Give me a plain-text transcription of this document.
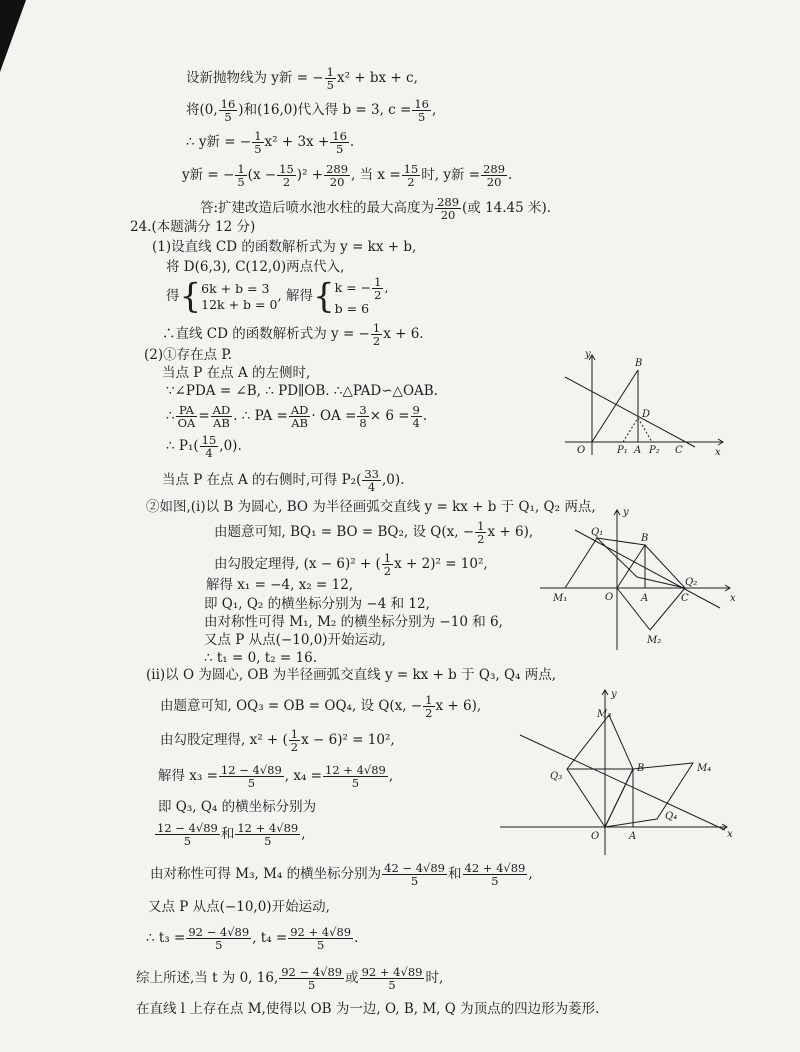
设新抛物线为 y新 = − $\frac{1}{5} x^2$ + bx + c,
将(0, $\frac{16}{5}$ )和(16,0)代入得 b = 3, $c = \frac{16}{5}$ ,
∴ y新 = − $\frac{1}{5} x^2 + 3x + \frac{16}{5}$ .
y新 = − $\frac{1}{5} (x - \frac{15}{2} )^2 + \frac{289}{20}$ , 当 $x = \frac{15}{2}$ 时, y新 = $\frac{289}{20}$ .
答:扩建改造后喷水池水柱的最大高度为 $\frac{289}{20}$ (或 14.45 米).
24.(本题满分 12 分)
(1)设直线 CD 的函数解析式为 y = kx + b,
将 D(6,3), C(12,0)两点代入,
得{6k + b = 3
12k + b = 0, 解得{k = − $\frac{1}{2}$ ,
b = 6
∴直线 CD 的函数解析式为 y = − $\frac{1}{2}$ x + 6.
(2)①存在点 P.
当点 P 在点 A 的左侧时,
∵∠PDA = ∠B, ∴ PD∥OB. ∴△PAD∽△OAB.
∴ $\frac{PA}{OA} = \frac{AD}{AB}$ . ∴ PA = $\frac{AD}{AB}$ · OA = $\frac{3}{8} \times 6 = \frac{9}{4}$ .
∴ $P_1( \frac{15}{4} ,0)$.
当点 P 在点 A 的右侧时,可得 $P_2( \frac{33}{4} ,0)$.
②如图,(i)以 B 为圆心, BO 为半径画弧交直线 y = kx + b 于 Q₁, Q₂ 两点,
由题意可知, BQ₁ = BO = BQ₂, 设 Q(x, − $\frac{1}{2}$ x + 6),
由勾股定理得, (x − 6)² + ( $\frac{1}{2}$ x + 2)² = 10²,
解得 x₁ = −4, x₂ = 12,
即 Q₁, Q₂ 的横坐标分别为 −4 和 12,
由对称性可得 M₁, M₂ 的横坐标分别为 −10 和 6,
又点 P 从点(−10,0)开始运动,
∴ t₁ = 0, t₂ = 16.
(ii)以 O 为圆心, OB 为半径画弧交直线 y = kx + b 于 Q₃, Q₄ 两点,
由题意可知, OQ₃ = OB = OQ₄, 设 Q(x, − $\frac{1}{2}$ x + 6),
由勾股定理得, x² + ( $\frac{1}{2}$ x − 6)² = 10²,
解得 $x_3 = \frac{12 - 4√89}{5}$ , $x_4 = \frac{12 + 4√89}{5}$ ,
即 Q₃, Q₄ 的横坐标分别为
$\frac{12 - 4√89}{5}$ 和 $\frac{12 + 4√89}{5}$ ,
由对称性可得 M₃, M₄ 的横坐标分别为 $\frac{42 - 4√89}{5}$ 和 $\frac{42 + 4√89}{5}$ ,
又点 P 从点(−10,0)开始运动,
∴ $t_3 = \frac{92 - 4√89}{5}$ , $t_4 = \frac{92 + 4√89}{5}$ .
综上所述,当 t 为 0, 16, $\frac{92 - 4√89}{5}$ 或 $\frac{92 + 4√89}{5}$ 时,
在直线 l 上存在点 M,使得以 OB 为一边, O, B, M, Q 为顶点的四边形为菱形.
y
x
O
B
D
P₁ A P₂ C
y
x
O
B
Q₁
Q₂
M₁
M₂
A	C
y
x
O
B
Q₃
Q₄
M₃
M₄
A
